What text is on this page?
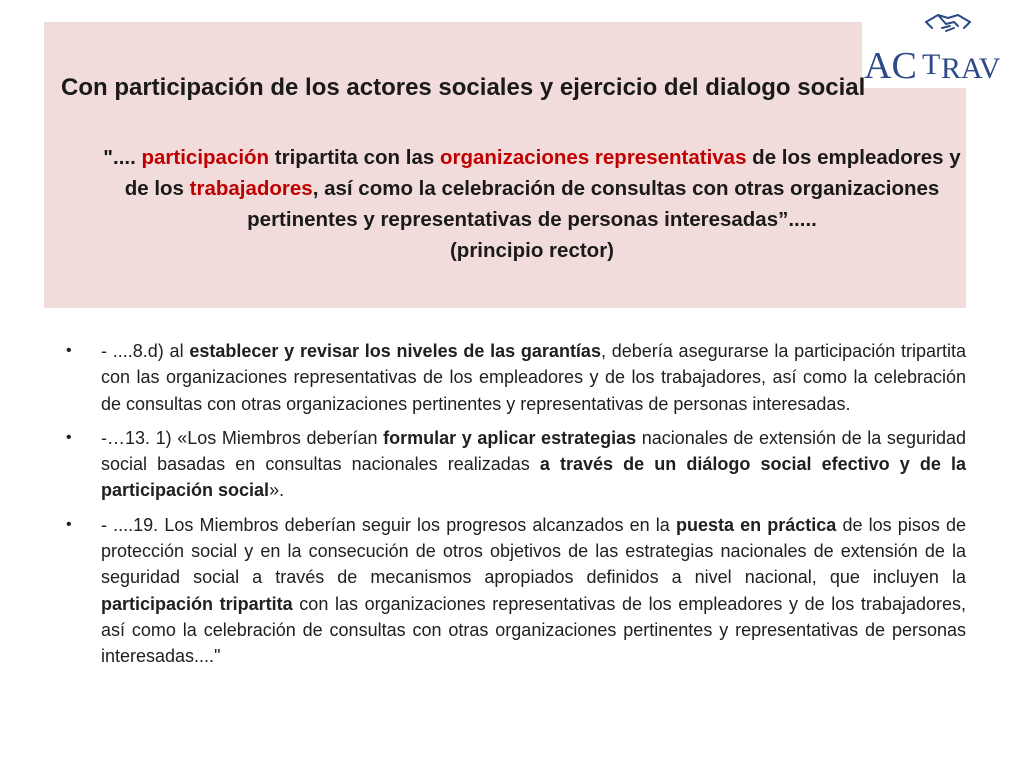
AC T RAV
Con participación de los actores sociales y ejercicio del dialogo social

".... participación tripartita con las organizaciones representativas de los empleadores y de los trabajadores, así como la celebración de consultas con otras organizaciones pertinentes y representativas de personas interesadas”.....
(principio rector)

• - ....8.d) al establecer y revisar los niveles de las garantías, debería asegurarse la participación tripartita con las organizaciones representativas de los empleadores y de los trabajadores, así como la celebración de consultas con otras organizaciones pertinentes y representativas de personas interesadas.
• -…13. 1) «Los Miembros deberían formular y aplicar estrategias nacionales de extensión de la seguridad social basadas en consultas nacionales realizadas a través de un diálogo social efectivo y de la participación social».
• - ....19. Los Miembros deberían seguir los progresos alcanzados en la puesta en práctica de los pisos de protección social y en la consecución de otros objetivos de las estrategias nacionales de extensión de la seguridad social a través de mecanismos apropiados definidos a nivel nacional, que incluyen la participación tripartita con las organizaciones representativas de los empleadores y de los trabajadores, así como la celebración de consultas con otras organizaciones pertinentes y representativas de personas interesadas...."
